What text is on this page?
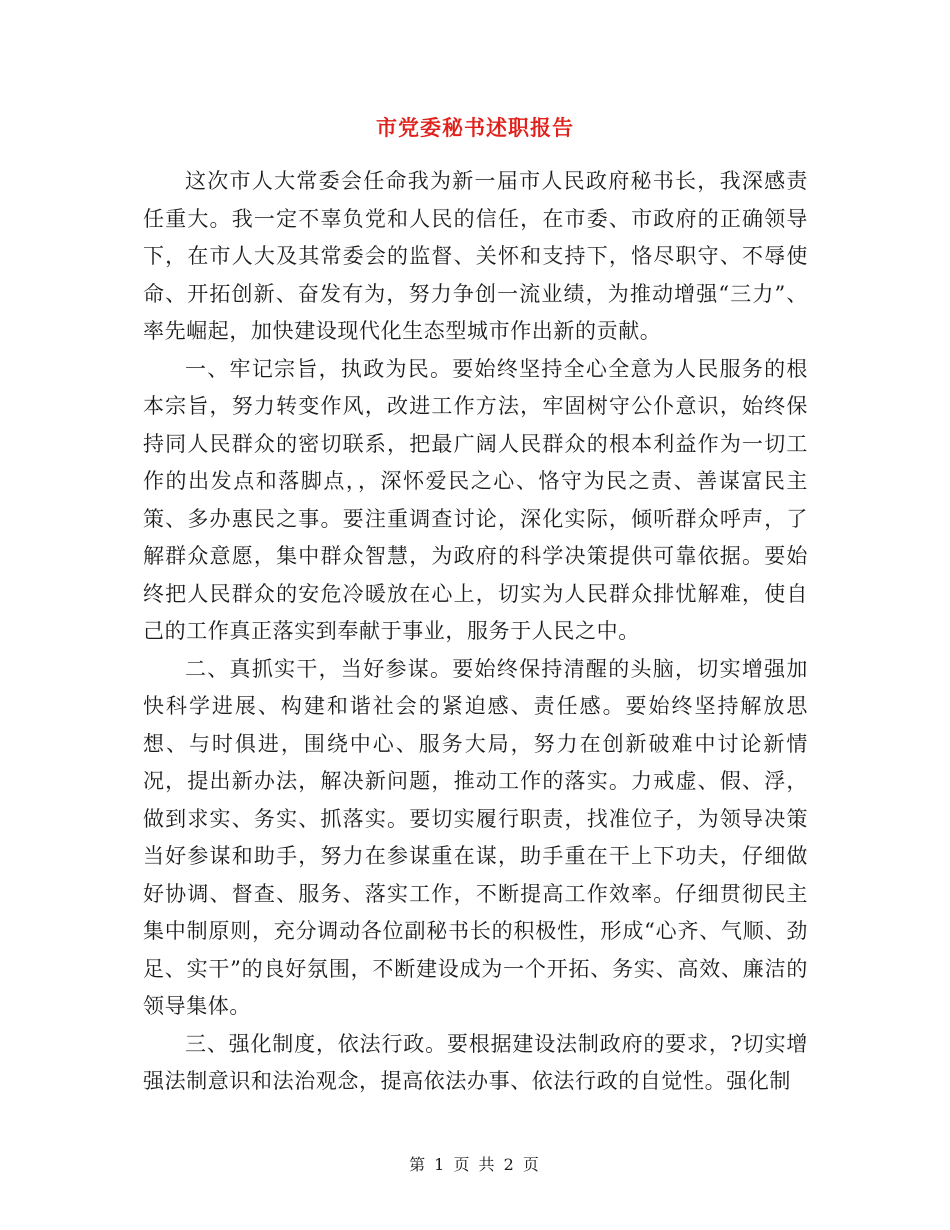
市党委秘书述职报告

这次市人大常委会任命我为新一届市人民政府秘书长，我深感责任重大。我一定不辜负党和人民的信任，在市委、市政府的正确领导下，在市人大及其常委会的监督、关怀和支持下，恪尽职守、不辱使命、开拓创新、奋发有为，努力争创一流业绩，为推动增强“三力”、率先崛起，加快建设现代化生态型城市作出新的贡献。

一、牢记宗旨，执政为民。要始终坚持全心全意为人民服务的根本宗旨，努力转变作风，改进工作方法，牢固树守公仆意识，始终保持同人民群众的密切联系，把最广阔人民群众的根本利益作为一切工作的出发点和落脚点，，深怀爱民之心、恪守为民之责、善谋富民主策、多办惠民之事。要注重调查讨论，深化实际，倾听群众呼声，了解群众意愿，集中群众智慧，为政府的科学决策提供可靠依据。要始终把人民群众的安危冷暖放在心上，切实为人民群众排忧解难，使自己的工作真正落实到奉献于事业，服务于人民之中。

二、真抓实干，当好参谋。要始终保持清醒的头脑，切实增强加快科学进展、构建和谐社会的紧迫感、责任感。要始终坚持解放思想、与时俱进，围绕中心、服务大局，努力在创新破难中讨论新情况，提出新办法，解决新问题，推动工作的落实。力戒虚、假、浮，做到求实、务实、抓落实。要切实履行职责，找准位子，为领导决策当好参谋和助手，努力在参谋重在谋，助手重在干上下功夫，仔细做好协调、督查、服务、落实工作，不断提高工作效率。仔细贯彻民主集中制原则，充分调动各位副秘书长的积极性，形成“心齐、气顺、劲足、实干”的良好氛围，不断建设成为一个开拓、务实、高效、廉洁的领导集体。

三、强化制度，依法行政。要根据建设法制政府的要求，?切实增强法制意识和法治观念，提高依法办事、依法行政的自觉性。强化制

第 1 页 共 2 页
